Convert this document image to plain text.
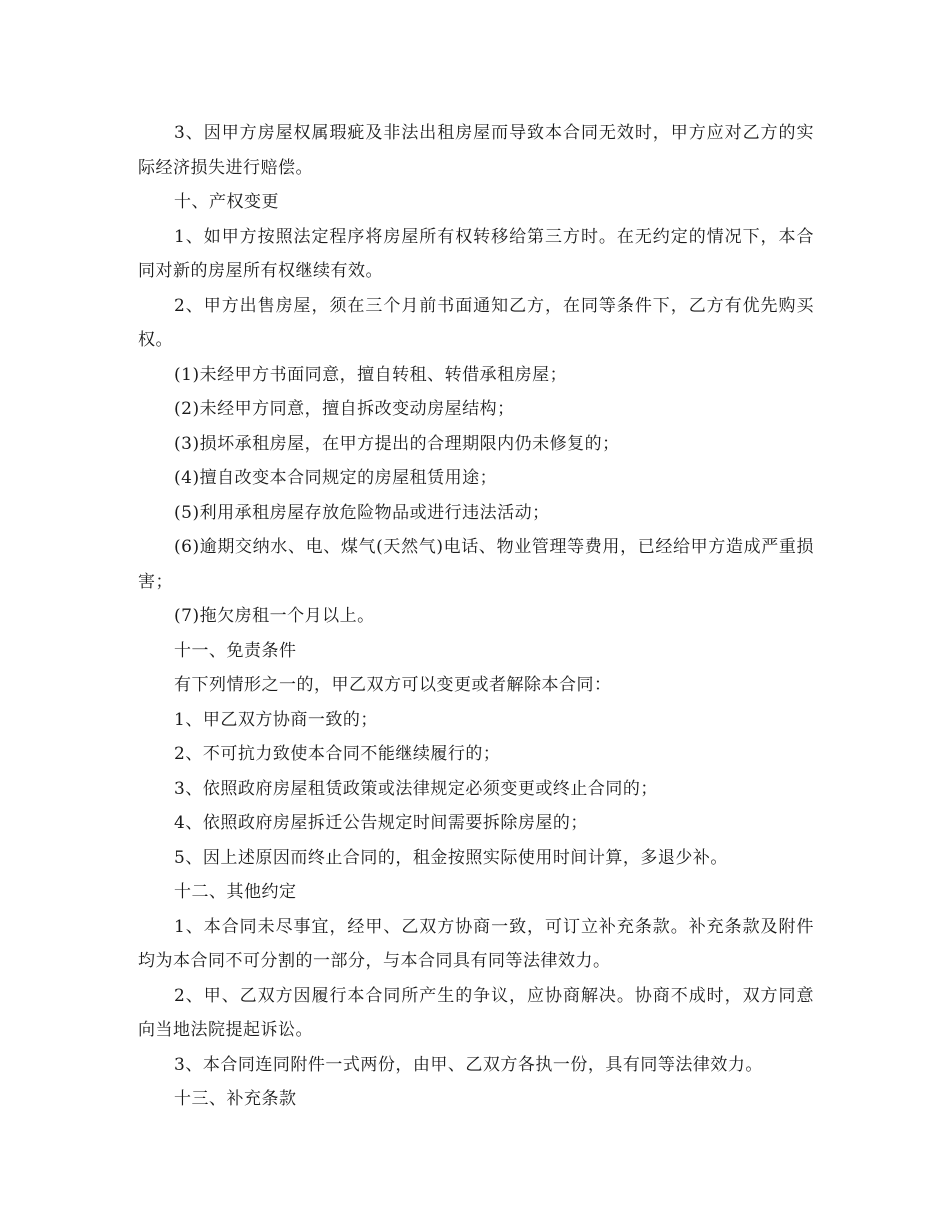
3、因甲方房屋权属瑕疵及非法出租房屋而导致本合同无效时，甲方应对乙方的实际经济损失进行赔偿。

十、产权变更

1、如甲方按照法定程序将房屋所有权转移给第三方时。在无约定的情况下，本合同对新的房屋所有权继续有效。

2、甲方出售房屋，须在三个月前书面通知乙方，在同等条件下，乙方有优先购买权。

(1)未经甲方书面同意，擅自转租、转借承租房屋；

(2)未经甲方同意，擅自拆改变动房屋结构；

(3)损坏承租房屋，在甲方提出的合理期限内仍未修复的；

(4)擅自改变本合同规定的房屋租赁用途；

(5)利用承租房屋存放危险物品或进行违法活动；

(6)逾期交纳水、电、煤气(天然气)电话、物业管理等费用，已经给甲方造成严重损害；

(7)拖欠房租一个月以上。

十一、免责条件

有下列情形之一的，甲乙双方可以变更或者解除本合同：

1、甲乙双方协商一致的；

2、不可抗力致使本合同不能继续履行的；

3、依照政府房屋租赁政策或法律规定必须变更或终止合同的；

4、依照政府房屋拆迁公告规定时间需要拆除房屋的；

5、因上述原因而终止合同的，租金按照实际使用时间计算，多退少补。

十二、其他约定

1、本合同未尽事宜，经甲、乙双方协商一致，可订立补充条款。补充条款及附件均为本合同不可分割的一部分，与本合同具有同等法律效力。

2、甲、乙双方因履行本合同所产生的争议，应协商解决。协商不成时，双方同意向当地法院提起诉讼。

3、本合同连同附件一式两份，由甲、乙双方各执一份，具有同等法律效力。

十三、补充条款
